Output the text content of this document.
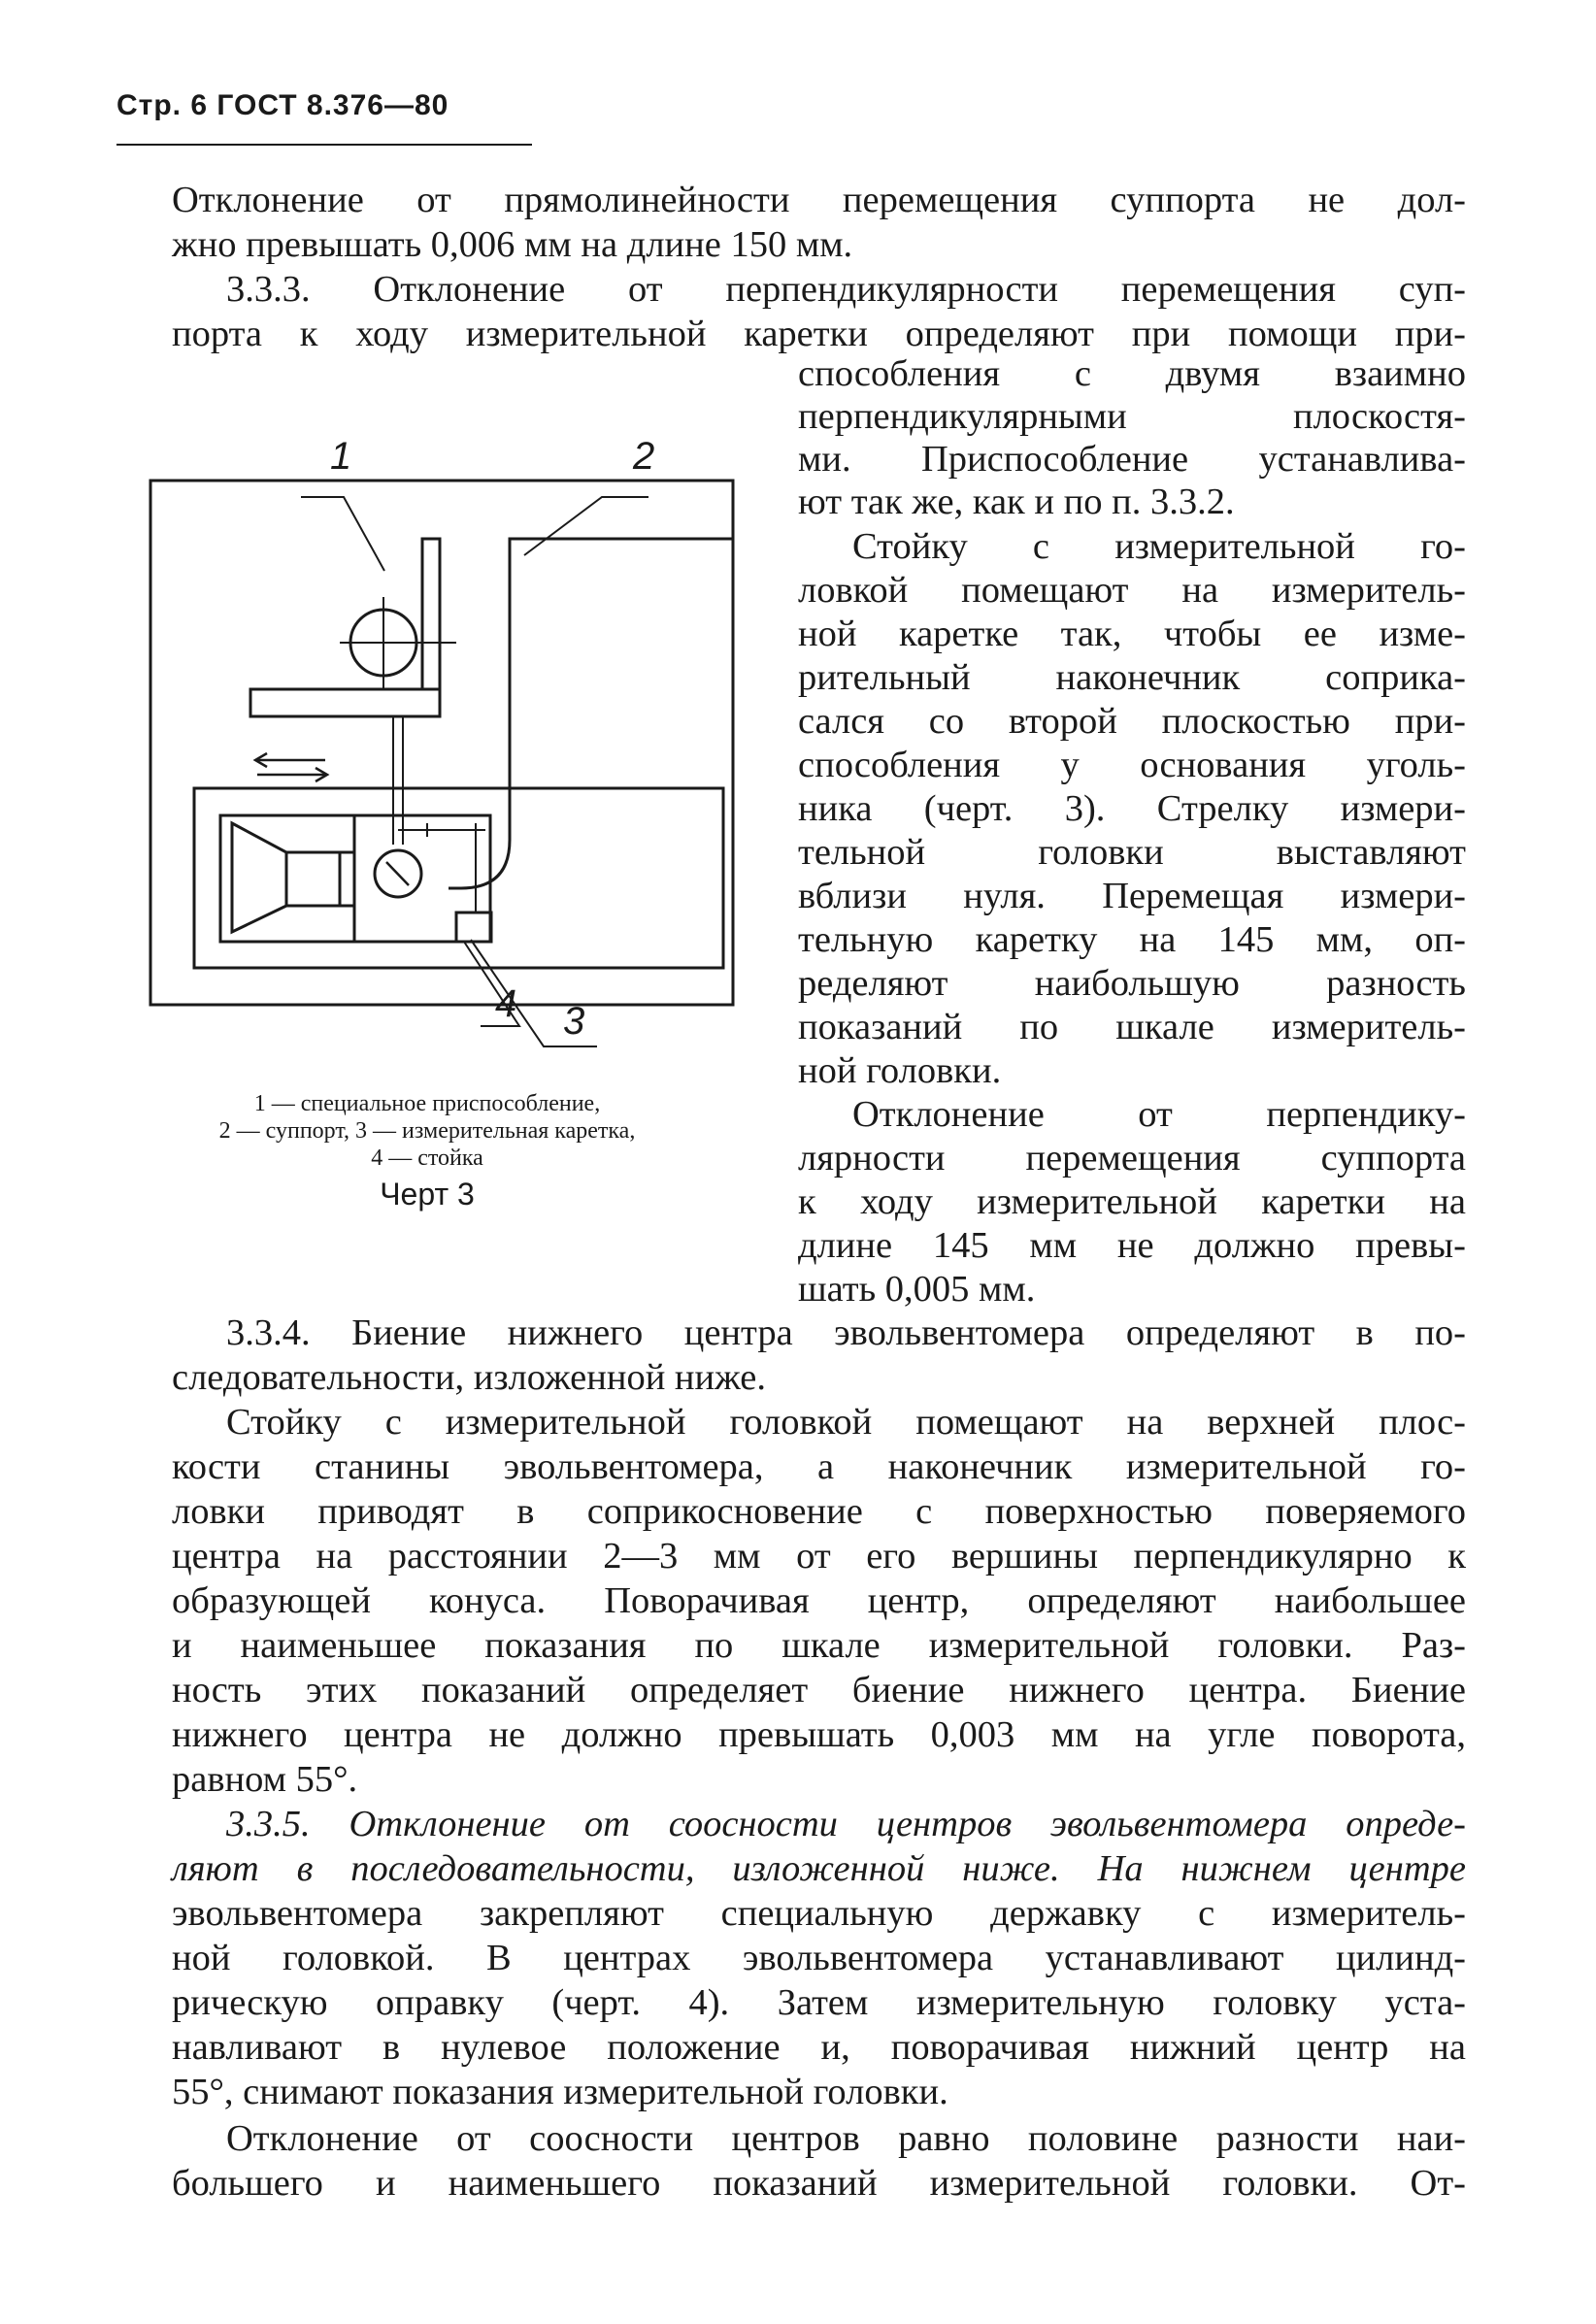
Стр. 6 ГОСТ 8.376—80
Отклонение от прямолинейности перемещения суппорта не дол-
жно превышать 0,006 мм на длине 150 мм.
3.3.3. Отклонение от перпендикулярности перемещения суп-
порта к ходу измерительной каретки определяют при помощи при-
способления с двумя взаимно
перпендикулярными плоскостя-
ми. Приспособление устанавлива-
ют так же, как и по п. 3.3.2.
Стойку с измерительной го-
ловкой помещают на измеритель-
ной каретке так, чтобы ее изме-
рительный наконечник соприка-
сался со второй плоскостью при-
способления у основания уголь-
ника (черт. 3). Стрелку измери-
тельной головки выставляют
вблизи нуля. Перемещая измери-
тельную каретку на 145 мм, оп-
ределяют наибольшую разность
показаний по шкале измеритель-
ной головки.
Отклонение от перпендику-
лярности перемещения суппорта
к ходу измерительной каретки на
длине 145 мм не должно превы-
шать 0,005 мм.
1	2
3
4
1 — специальное приспособление,
2 — суппорт, 3 — измерительная каретка,
4 — стойка
Черт 3
3.3.4. Биение нижнего центра эвольвентомера определяют в по-
следовательности, изложенной ниже.
Стойку с измерительной головкой помещают на верхней плос-
кости станины эвольвентомера, а наконечник измерительной го-
ловки приводят в соприкосновение с поверхностью поверяемого
центра на расстоянии 2—3 мм от его вершины перпендикулярно к
образующей конуса. Поворачивая центр, определяют наибольшее
и наименьшее показания по шкале измерительной головки. Раз-
ность этих показаний определяет биение нижнего центра. Биение
нижнего центра не должно превышать 0,003 мм на угле поворота,
равном 55°.
3.3.5. Отклонение от соосности центров эвольвентомера опреде-
ляют в последовательности, изложенной ниже. На нижнем центре
эвольвентомера закрепляют специальную державку с измеритель-
ной головкой. В центрах эвольвентомера устанавливают цилинд-
рическую оправку (черт. 4). Затем измерительную головку уста-
навливают в нулевое положение и, поворачивая нижний центр на
55°, снимают показания измерительной головки.
Отклонение от соосности центров равно половине разности наи-
большего и наименьшего показаний измерительной головки. От-
